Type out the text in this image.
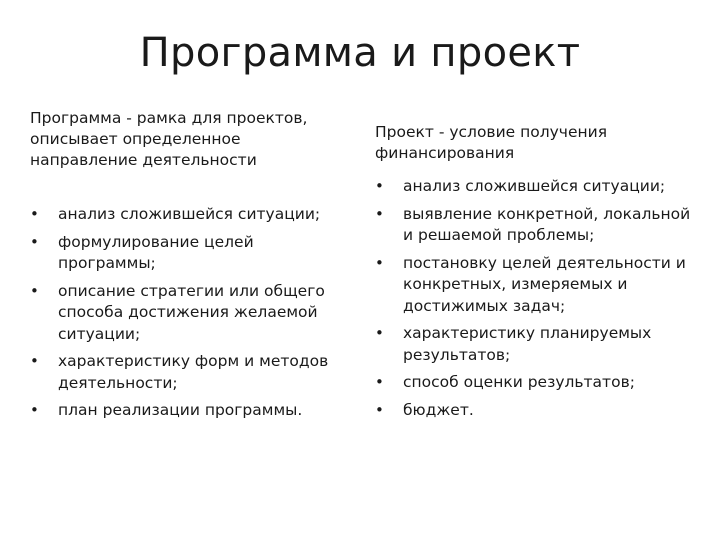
Программа и проект

Программа - рамка для проектов, описывает определенное направление деятельности

• анализ сложившейся ситуации;
• формулирование целей программы;
• описание стратегии или общего способа достижения желаемой ситуации;
• характеристику форм и методов деятельности;
• план реализации программы.

Проект - условие получения финансирования

• анализ сложившейся ситуации;
• выявление конкретной, локальной и решаемой проблемы;
• постановку целей деятельности и конкретных, измеряемых и достижимых задач;
• характеристику планируемых результатов;
• способ оценки результатов;
• бюджет.
